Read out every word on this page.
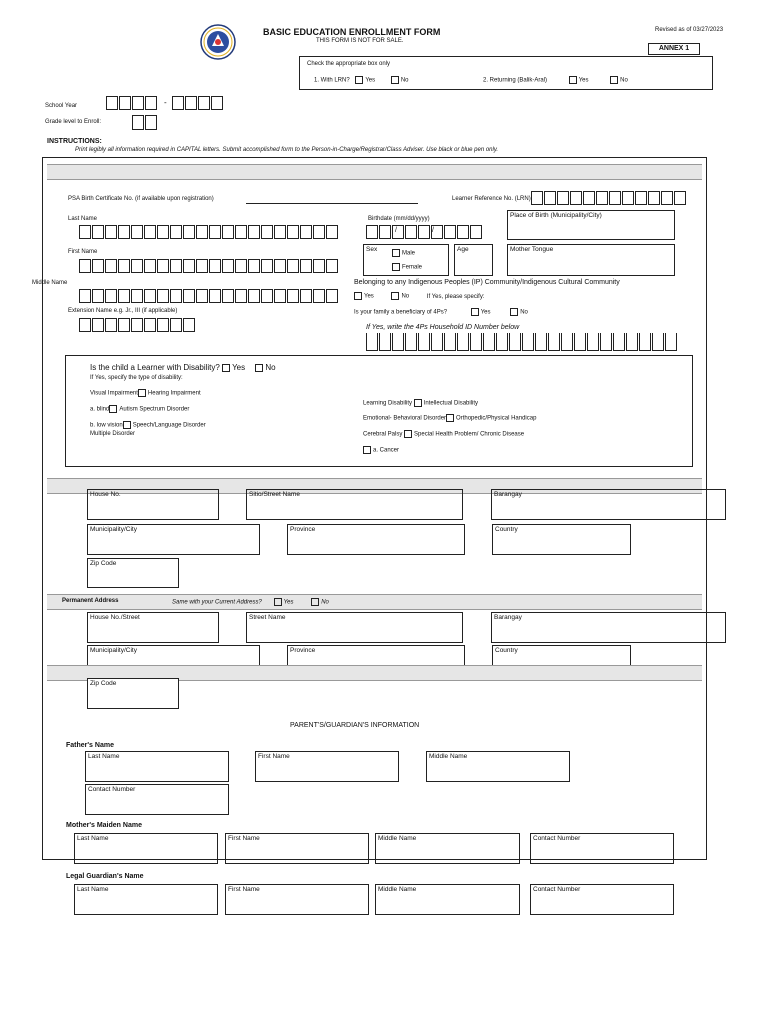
BASIC EDUCATION ENROLLMENT FORM
THIS FORM IS NOT FOR SALE.
Revised as of 03/27/2023
ANNEX 1
Check the appropriate box only
1. With LRN?	Yes	No	2. Returning (Balik-Aral)	Yes	No
School Year	-
Grade level to Enroll:
INSTRUCTIONS:
Print legibly all information required in CAPITAL letters. Submit accomplished form to the Person-in-Charge/Registrar/Class Adviser. Use black or blue pen only.
PSA Birth Certificate No. (if available upon registration)	Learner Reference No. (LRN)
Last Name
First Name
Middle Name
Extension Name e.g. Jr., III (if applicable)
Birthdate (mm/dd/yyyy)
/	/
Place of Birth (Municipality/City)
Sex
Male
Female
Age	Mother Tongue
Belonging to any Indigenous Peoples (IP) Community/Indigenous Cultural Community
Yes	No	If Yes, please specify:
Is your family a beneficiary of 4Ps?	Yes	No
If Yes, write the 4Ps Household ID Number below
Is the child a Learner with Disability? Yes	No
If Yes, specify the type of disability:
Visual Impairment Hearing Impairment
a. blind Autism Spectrum Disorder
b. low vision Speech/Language Disorder
Multiple Disorder
Learning Disability Intellectual Disability
Emotional- Behavioral Disorder Orthopedic/Physical Handicap
Cerebral Palsy Special Health Problem/ Chronic Disease
a. Cancer
House No.	Sitio/Street Name	Barangay
Municipality/City	Province	Country
Zip Code
Permanent Address	Same with your Current Address?	Yes	No
House No./Street	Street Name	Barangay
Municipality/City	Province	Country
Zip Code
PARENT'S/GUARDIAN'S INFORMATION
Father's Name
Last Name	First Name	Middle Name
Contact Number
Mother's Maiden Name
Last Name	First Name	Middle Name	Contact Number
Legal Guardian's Name
Last Name	First Name	Middle Name	Contact Number
